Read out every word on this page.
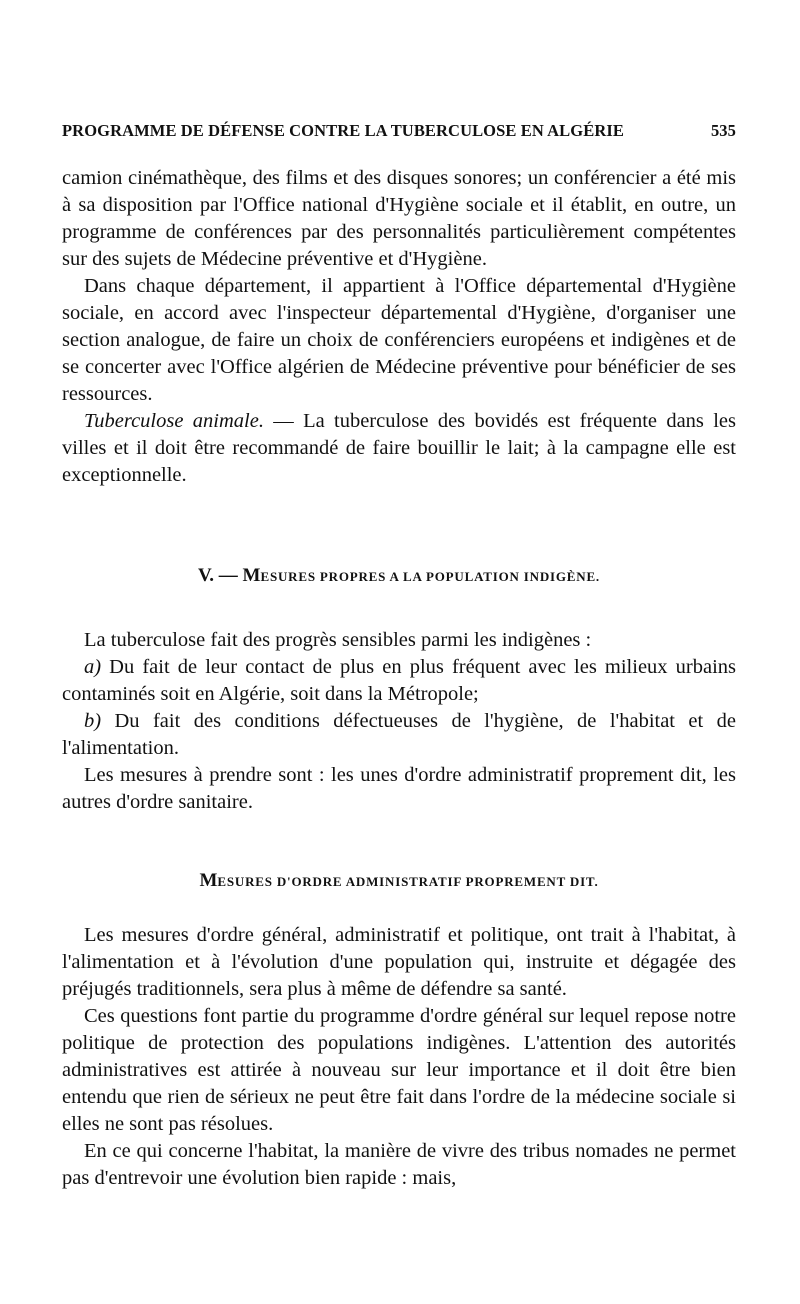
PROGRAMME DE DÉFENSE CONTRE LA TUBERCULOSE EN ALGÉRIE	535

camion cinémathèque, des films et des disques sonores; un conférencier a été mis à sa disposition par l'Office national d'Hygiène sociale et il établit, en outre, un programme de conférences par des personnalités particulièrement compétentes sur des sujets de Médecine préventive et d'Hygiène.

Dans chaque département, il appartient à l'Office départemental d'Hygiène sociale, en accord avec l'inspecteur départemental d'Hygiène, d'organiser une section analogue, de faire un choix de conférenciers européens et indigènes et de se concerter avec l'Office algérien de Médecine préventive pour bénéficier de ses ressources.

Tuberculose animale. — La tuberculose des bovidés est fréquente dans les villes et il doit être recommandé de faire bouillir le lait; à la campagne elle est exceptionnelle.

V. — MESURES PROPRES A LA POPULATION INDIGÈNE.

La tuberculose fait des progrès sensibles parmi les indigènes :

a) Du fait de leur contact de plus en plus fréquent avec les milieux urbains contaminés soit en Algérie, soit dans la Métropole;

b) Du fait des conditions défectueuses de l'hygiène, de l'habitat et de l'alimentation.

Les mesures à prendre sont : les unes d'ordre administratif proprement dit, les autres d'ordre sanitaire.

MESURES D'ORDRE ADMINISTRATIF PROPREMENT DIT.

Les mesures d'ordre général, administratif et politique, ont trait à l'habitat, à l'alimentation et à l'évolution d'une population qui, instruite et dégagée des préjugés traditionnels, sera plus à même de défendre sa santé.

Ces questions font partie du programme d'ordre général sur lequel repose notre politique de protection des populations indigènes. L'attention des autorités administratives est attirée à nouveau sur leur importance et il doit être bien entendu que rien de sérieux ne peut être fait dans l'ordre de la médecine sociale si elles ne sont pas résolues.

En ce qui concerne l'habitat, la manière de vivre des tribus nomades ne permet pas d'entrevoir une évolution bien rapide : mais,
